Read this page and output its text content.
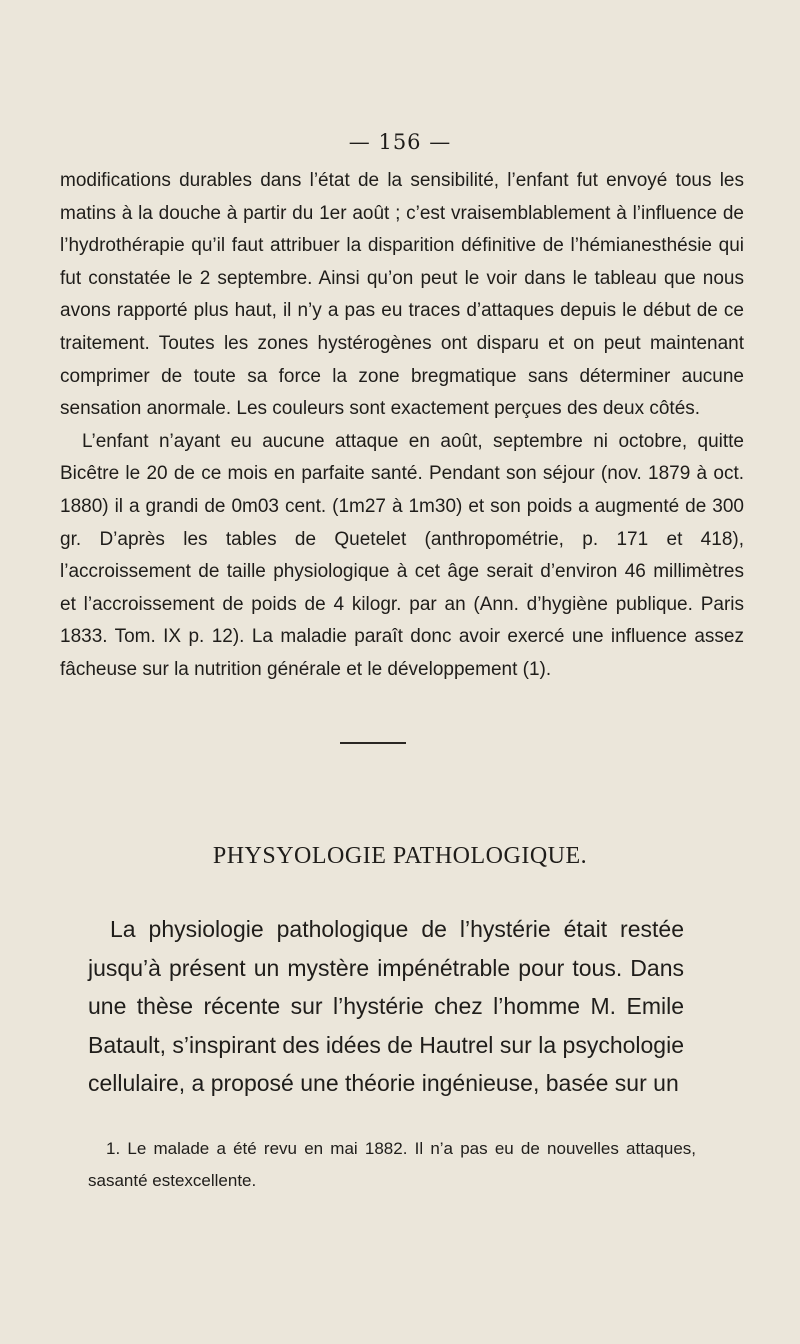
— 156 —

modifications durables dans l’état de la sensibilité, l’enfant fut envoyé tous les matins à la douche à partir du 1er août ; c’est vraisemblablement à l’influence de l’hydrothérapie qu’il faut attribuer la disparition définitive de l’hémianesthésie qui fut constatée le 2 septembre. Ainsi qu’on peut le voir dans le tableau que nous avons rapporté plus haut, il n’y a pas eu traces d’attaques depuis le début de ce traitement. Toutes les zones hystérogènes ont disparu et on peut maintenant comprimer de toute sa force la zone bregmatique sans déterminer aucune sensation anormale. Les couleurs sont exactement perçues des deux côtés.

L’enfant n’ayant eu aucune attaque en août, septembre ni octobre, quitte Bicêtre le 20 de ce mois en parfaite santé. Pendant son séjour (nov. 1879 à oct. 1880) il a grandi de 0m03 cent. (1m27 à 1m30) et son poids a augmenté de 300 gr. D’après les tables de Quetelet (anthropométrie, p. 171 et 418), l’accroissement de taille physiologique à cet âge serait d’environ 46 millimètres et l’accroissement de poids de 4 kilogr. par an (Ann. d’hygiène publique. Paris 1833. Tom. IX p. 12). La maladie paraît donc avoir exercé une influence assez fâcheuse sur la nutrition générale et le développement (1).

PHYSYOLOGIE PATHOLOGIQUE.

La physiologie pathologique de l’hystérie était restée jusqu’à présent un mystère impénétrable pour tous. Dans une thèse récente sur l’hystérie chez l’homme M. Emile Batault, s’inspirant des idées de Hautrel sur la psychologie cellulaire, a proposé une théorie ingénieuse, basée sur un

1. Le malade a été revu en mai 1882. Il n’a pas eu de nouvelles attaques, sasanté estexcellente.
